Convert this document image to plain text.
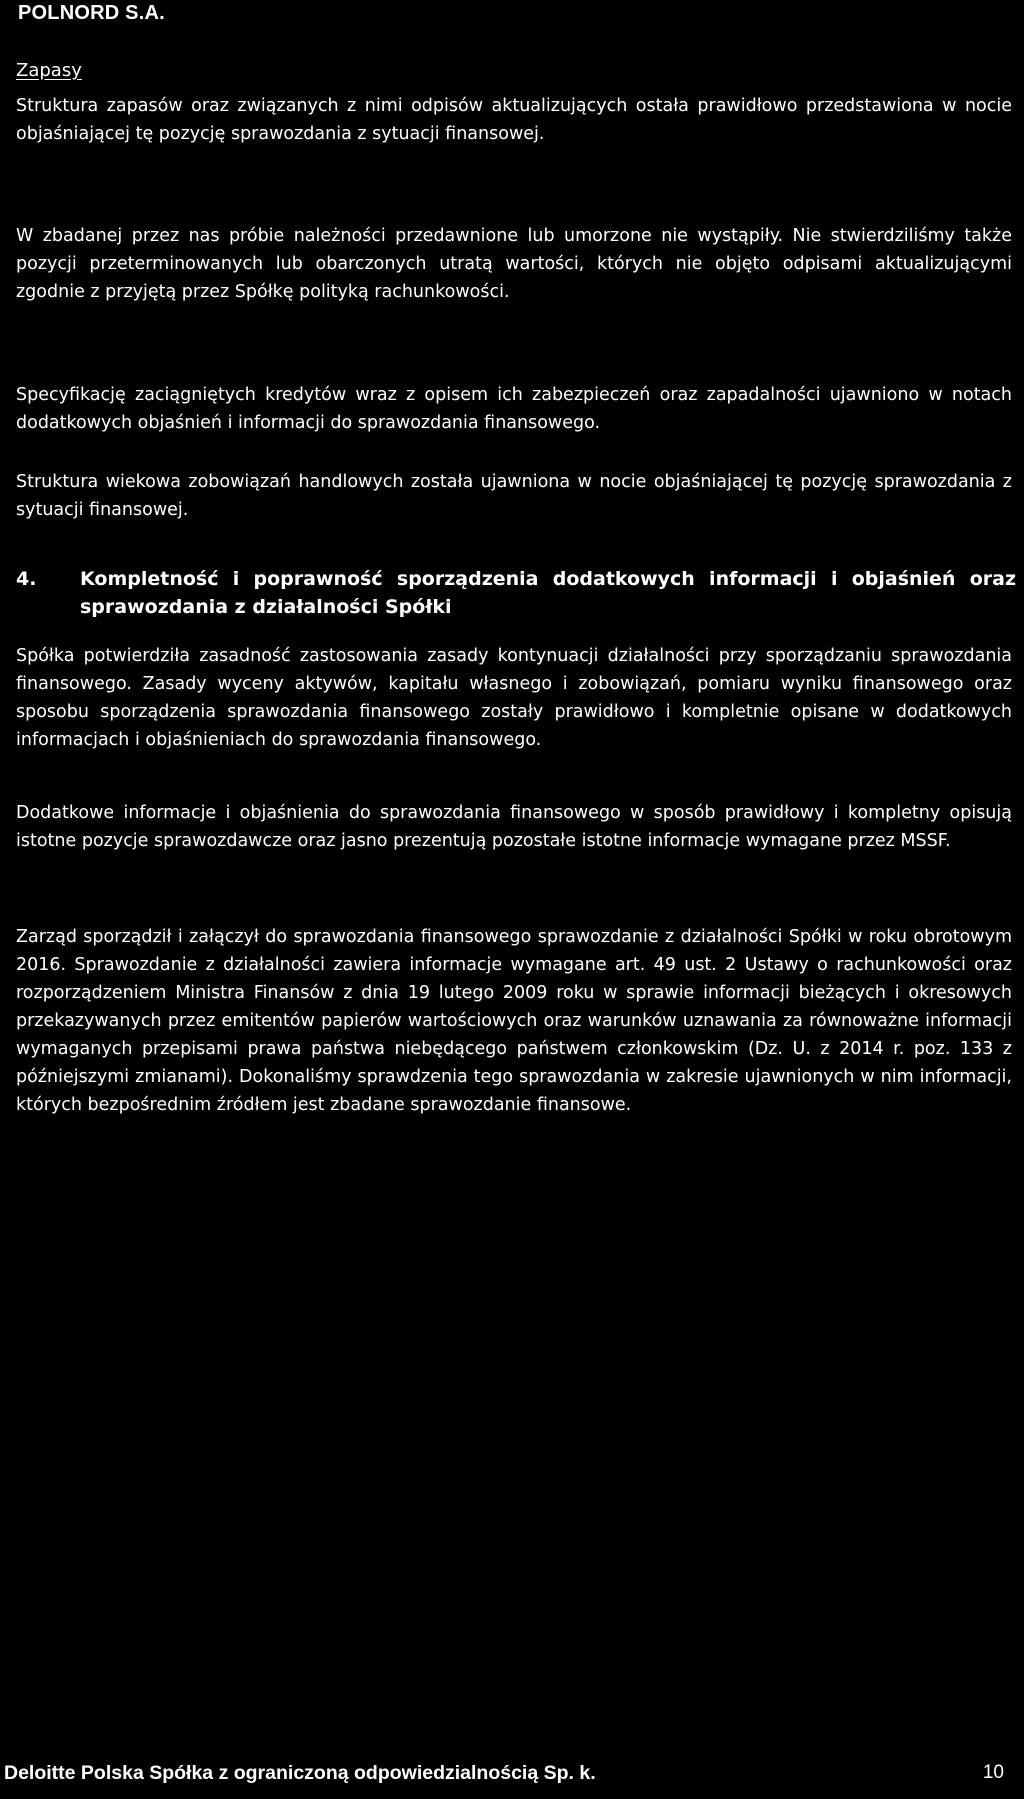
POLNORD S.A.
Zapasy

Struktura zapasów oraz związanych z nimi odpisów aktualizujących ostała prawidłowo przedstawiona w nocie objaśniającej tę pozycję sprawozdania z sytuacji finansowej.

W zbadanej przez nas próbie należności przedawnione lub umorzone nie wystąpiły. Nie stwierdziliśmy także pozycji przeterminowanych lub obarczonych utratą wartości, których nie objęto odpisami aktualizującymi zgodnie z przyjętą przez Spółkę polityką rachunkowości.

Specyfikację zaciągniętych kredytów wraz z opisem ich zabezpieczeń oraz zapadalności ujawniono w notach dodatkowych objaśnień i informacji do sprawozdania finansowego.

Struktura wiekowa zobowiązań handlowych została ujawniona w nocie objaśniającej tę pozycję sprawozdania z sytuacji finansowej.

4.	Kompletność i poprawność sporządzenia dodatkowych informacji i objaśnień oraz sprawozdania z działalności Spółki

Spółka potwierdziła zasadność zastosowania zasady kontynuacji działalności przy sporządzaniu sprawozdania finansowego. Zasady wyceny aktywów, kapitału własnego i zobowiązań, pomiaru wyniku finansowego oraz sposobu sporządzenia sprawozdania finansowego zostały prawidłowo i kompletnie opisane w dodatkowych informacjach i objaśnieniach do sprawozdania finansowego.

Dodatkowe informacje i objaśnienia do sprawozdania finansowego w sposób prawidłowy i kompletny opisują istotne pozycje sprawozdawcze oraz jasno prezentują pozostałe istotne informacje wymagane przez MSSF.

Zarząd sporządził i załączył do sprawozdania finansowego sprawozdanie z działalności Spółki w roku obrotowym 2016. Sprawozdanie z działalności zawiera informacje wymagane art. 49 ust. 2 Ustawy o rachunkowości oraz rozporządzeniem Ministra Finansów z dnia 19 lutego 2009 roku w sprawie informacji bieżących i okresowych przekazywanych przez emitentów papierów wartościowych oraz warunków uznawania za równoważne informacji wymaganych przepisami prawa państwa niebędącego państwem członkowskim (Dz. U. z 2014 r. poz. 133 z późniejszymi zmianami). Dokonaliśmy sprawdzenia tego sprawozdania w zakresie ujawnionych w nim informacji, których bezpośrednim źródłem jest zbadane sprawozdanie finansowe.

Deloitte Polska Spółka z ograniczoną odpowiedzialnością Sp. k.	10
